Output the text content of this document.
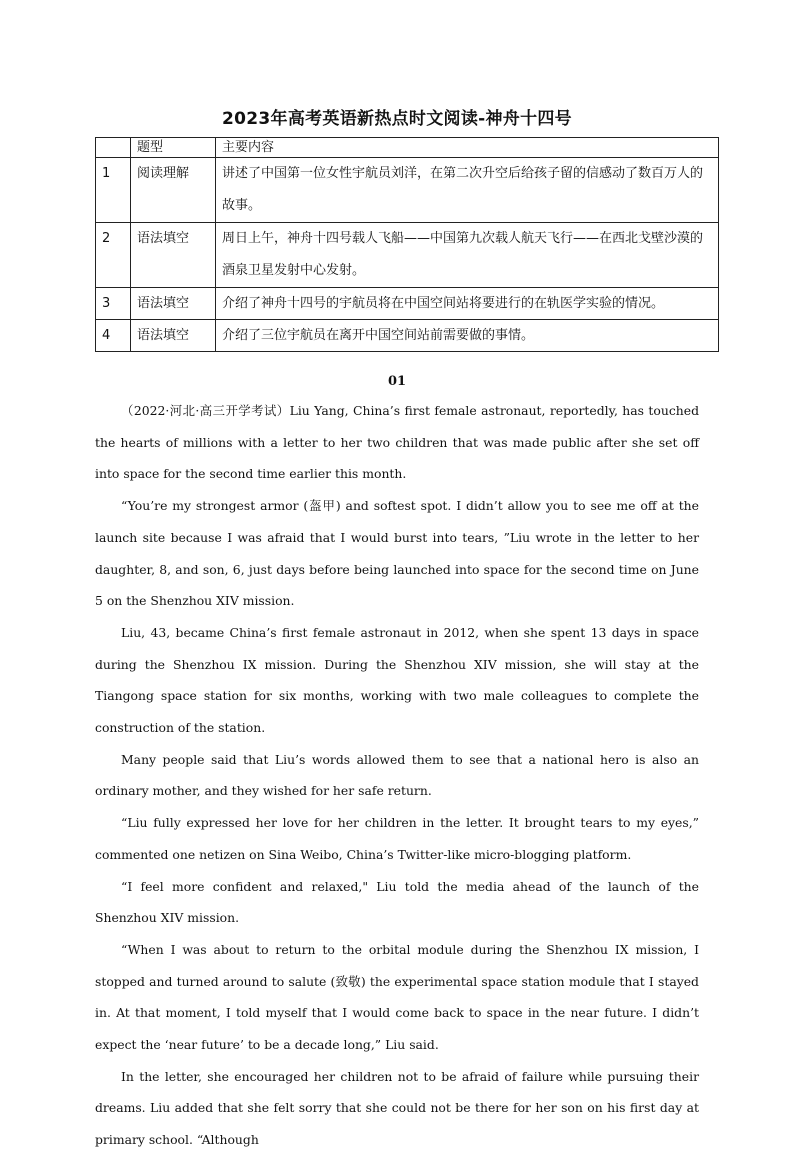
2023年高考英语新热点时文阅读-神舟十四号
	题型	主要内容
1	阅读理解	讲述了中国第一位女性宇航员刘洋，在第二次升空后给孩子留的信感动了数百万人的故事。
2	语法填空	周日上午，神舟十四号载人飞船——中国第九次载人航天飞行——在西北戈壁沙漠的酒泉卫星发射中心发射。
3	语法填空	介绍了神舟十四号的宇航员将在中国空间站将要进行的在轨医学实验的情况。
4	语法填空	介绍了三位宇航员在离开中国空间站前需要做的事情。
01

（2022·河北·高三开学考试）Liu Yang, China’s first female astronaut, reportedly, has touched the hearts of millions with a letter to her two children that was made public after she set off into space for the second time earlier this month.

“You’re my strongest armor (盔甲) and softest spot. I didn’t allow you to see me off at the launch site because I was afraid that I would burst into tears, ”Liu wrote in the letter to her daughter, 8, and son, 6, just days before being launched into space for the second time on June 5 on the Shenzhou XIV mission.

Liu, 43, became China’s first female astronaut in 2012, when she spent 13 days in space during the Shenzhou IX mission. During the Shenzhou XIV mission, she will stay at the Tiangong space station for six months, working with two male colleagues to complete the construction of the station.

Many people said that Liu’s words allowed them to see that a national hero is also an ordinary mother, and they wished for her safe return.

“Liu fully expressed her love for her children in the letter. It brought tears to my eyes,” commented one netizen on Sina Weibo, China’s Twitter-like micro-blogging platform.

“I feel more confident and relaxed," Liu told the media ahead of the launch of the Shenzhou XIV mission.

“When I was about to return to the orbital module during the Shenzhou IX mission, I stopped and turned around to salute (致敬) the experimental space station module that I stayed in. At that moment, I told myself that I would come back to space in the near future. I didn’t expect the ‘near future’ to be a decade long,” Liu said.

In the letter, she encouraged her children not to be afraid of failure while pursuing their dreams. Liu added that she felt sorry that she could not be there for her son on his first day at primary school. “Although
